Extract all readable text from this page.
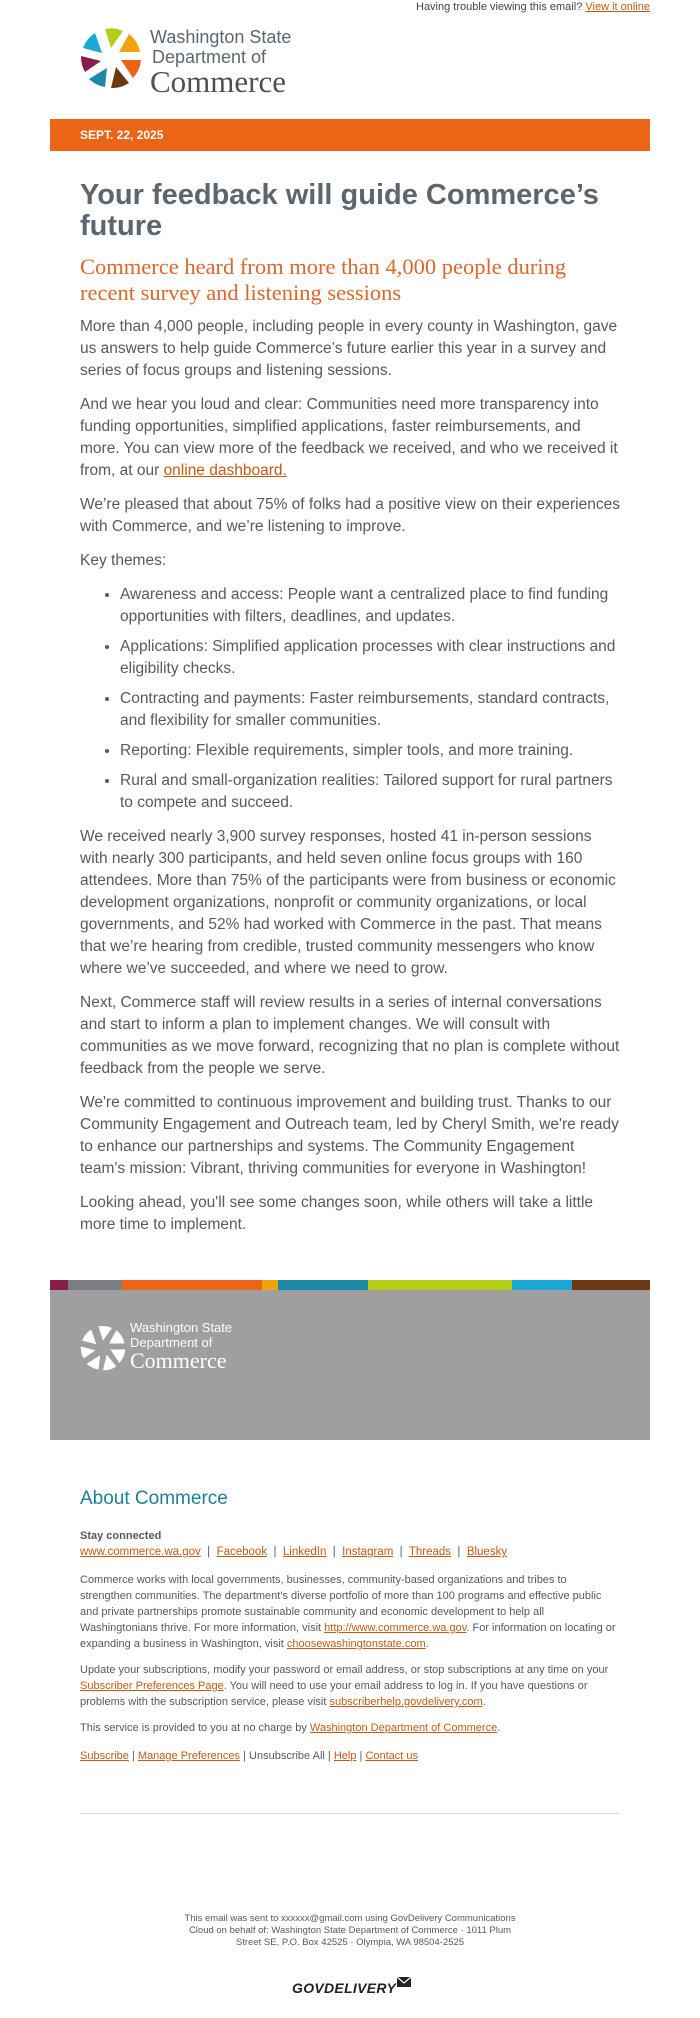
Having trouble viewing this email? View it online
Washington State
Department of
Commerce
SEPT. 22, 2025
Your feedback will guide Commerce’s future
Commerce heard from more than 4,000 people during recent survey and listening sessions

More than 4,000 people, including people in every county in Washington, gave us answers to help guide Commerce’s future earlier this year in a survey and series of focus groups and listening sessions.

And we hear you loud and clear: Communities need more transparency into funding opportunities, simplified applications, faster reimbursements, and more. You can view more of the feedback we received, and who we received it from, at our online dashboard.

We’re pleased that about 75% of folks had a positive view on their experiences with Commerce, and we’re listening to improve.

Key themes:

• Awareness and access: People want a centralized place to find funding opportunities with filters, deadlines, and updates.
• Applications: Simplified application processes with clear instructions and eligibility checks.
• Contracting and payments: Faster reimbursements, standard contracts, and flexibility for smaller communities.
• Reporting: Flexible requirements, simpler tools, and more training.
• Rural and small-organization realities: Tailored support for rural partners to compete and succeed.

We received nearly 3,900 survey responses, hosted 41 in-person sessions with nearly 300 participants, and held seven online focus groups with 160 attendees. More than 75% of the participants were from business or economic development organizations, nonprofit or community organizations, or local governments, and 52% had worked with Commerce in the past. That means that we’re hearing from credible, trusted community messengers who know where we’ve succeeded, and where we need to grow.

Next, Commerce staff will review results in a series of internal conversations and start to inform a plan to implement changes. We will consult with communities as we move forward, recognizing that no plan is complete without feedback from the people we serve.

We're committed to continuous improvement and building trust. Thanks to our Community Engagement and Outreach team, led by Cheryl Smith, we're ready to enhance our partnerships and systems. The Community Engagement team's mission: Vibrant, thriving communities for everyone in Washington!

Looking ahead, you'll see some changes soon, while others will take a little more time to implement.

Washington State
Department of
Commerce
About Commerce

Stay connected

www.commerce.wa.gov  |  Facebook  |  LinkedIn  |  Instagram  |  Threads  |  Bluesky

Commerce works with local governments, businesses, community-based organizations and tribes to strengthen communities. The department's diverse portfolio of more than 100 programs and effective public and private partnerships promote sustainable community and economic development to help all Washingtonians thrive. For more information, visit http://www.commerce.wa.gov. For information on locating or expanding a business in Washington, visit choosewashingtonstate.com.

Update your subscriptions, modify your password or email address, or stop subscriptions at any time on your Subscriber Preferences Page. You will need to use your email address to log in. If you have questions or problems with the subscription service, please visit subscriberhelp.govdelivery.com.

This service is provided to you at no charge by Washington Department of Commerce.

Subscribe | Manage Preferences | Unsubscribe All | Help | Contact us

This email was sent to xxxxxx@gmail.com using GovDelivery Communications Cloud on behalf of: Washington State Department of Commerce · 1011 Plum Street SE, P.O. Box 42525 · Olympia, WA 98504-2525
GOVDELIVERY
